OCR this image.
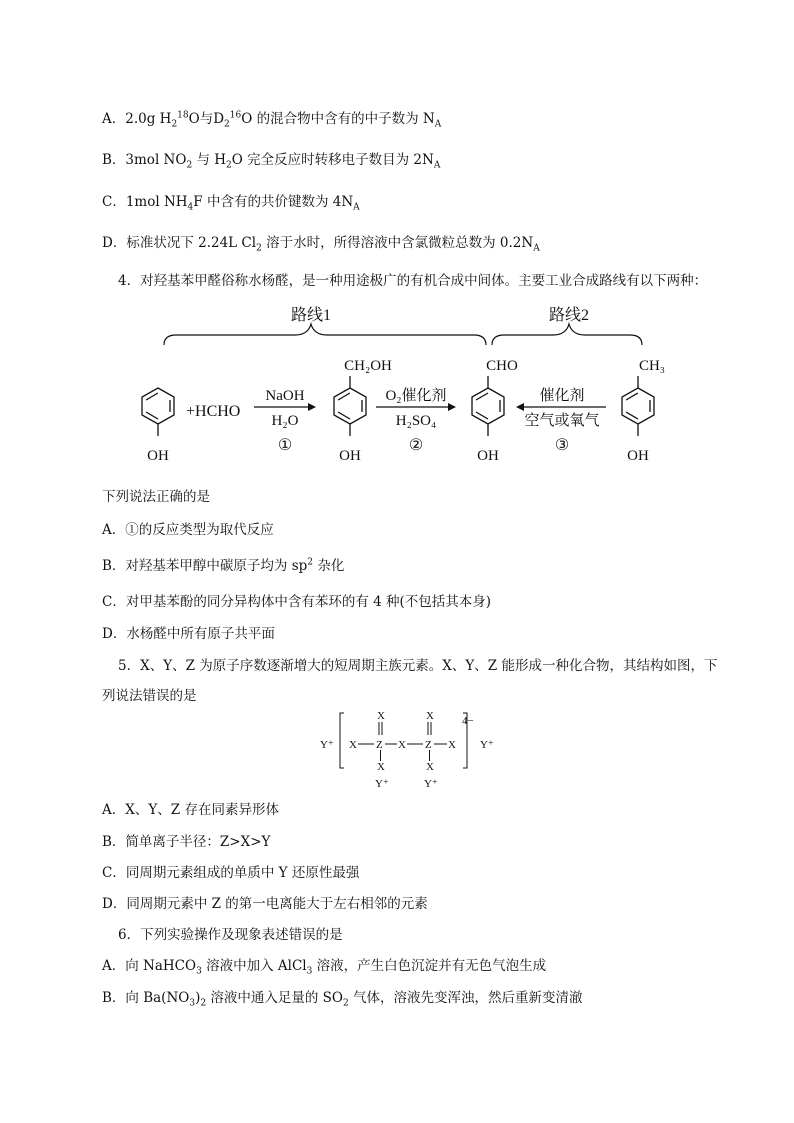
A．2.0g $H_2^{18}O$与$D_2^{16}O$ 的混合物中含有的中子数为 $N_A$
B．3mol $NO_2$ 与 $H_2O$ 完全反应时转移电子数目为 $2N_A$
C．1mol $NH_4F$ 中含有的共价键数为 $4N_A$
D．标准状况下 2.24L $Cl_2$ 溶于水时，所得溶液中含氯微粒总数为 $0.2N_A$
4．对羟基苯甲醛俗称水杨醛，是一种用途极广的有机合成中间体。主要工业合成路线有以下两种：
路线1	路线2
OH
+HCHO
NaOH
H₂O
①
CH₂OH
OH
O₂催化剂
H₂SO₄
②
CHO
OH
催化剂
空气或氧气
③
CH₃
OH
下列说法正确的是
A．①的反应类型为取代反应
B．对羟基苯甲醇中碳原子均为 $sp^2$ 杂化
C．对甲基苯酚的同分异构体中含有苯环的有 4 种(不包括其本身)
D．水杨醛中所有原子共平面
5．X、Y、Z 为原子序数逐渐增大的短周期主族元素。X、Y、Z 能形成一种化合物，其结构如图，下
列说法错误的是
Y⁺	Y⁺
4−
X	X	X
Z	Z
X	X
X	X
Y⁺	Y⁺
A．X、Y、Z 存在同素异形体
B．简单离子半径：Z>X>Y
C．同周期元素组成的单质中 Y 还原性最强
D．同周期元素中 Z 的第一电离能大于左右相邻的元素
6．下列实验操作及现象表述错误的是
A．向 NaHCO$_3$ 溶液中加入 AlCl$_3$ 溶液，产生白色沉淀并有无色气泡生成
B．向 $Ba(NO_3)_2$ 溶液中通入足量的 $SO_2$ 气体，溶液先变浑浊，然后重新变清澈
